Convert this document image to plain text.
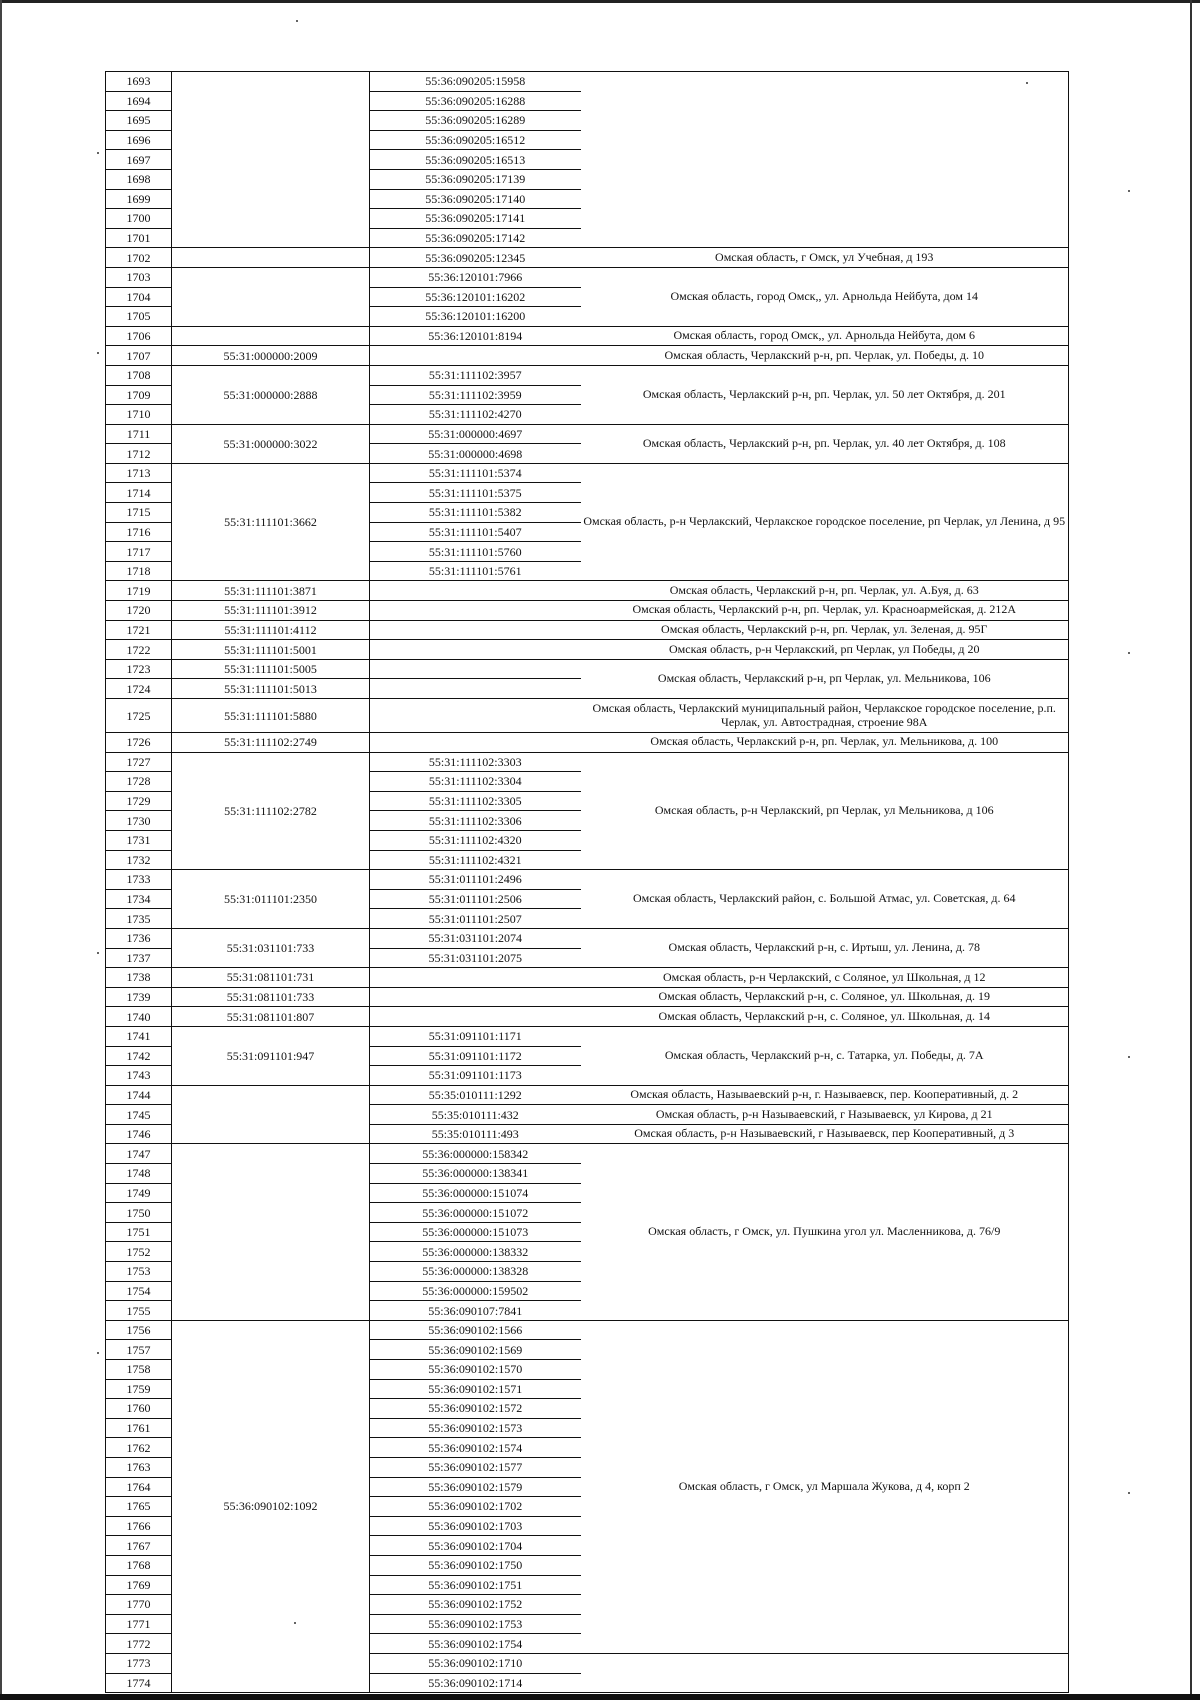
1693		55:36:090205:15958	
1694		55:36:090205:16288	
1695		55:36:090205:16289	
1696		55:36:090205:16512	
1697		55:36:090205:16513	
1698		55:36:090205:17139	
1699		55:36:090205:17140	
1700		55:36:090205:17141	
1701		55:36:090205:17142	
1702		55:36:090205:12345	Омская область, г Омск, ул Учебная, д 193
1703		55:36:120101:7966	Омская область, город Омск,, ул. Арнольда Нейбута, дом 14
1704		55:36:120101:16202	
1705		55:36:120101:16200	
1706		55:36:120101:8194	Омская область, город Омск,, ул. Арнольда Нейбута, дом 6
1707	55:31:000000:2009		Омская область, Черлакский р-н, рп. Черлак, ул. Победы, д. 10
1708	55:31:000000:2888	55:31:111102:3957	Омская область, Черлакский р-н, рп. Черлак, ул. 50 лет Октября, д. 201
1709		55:31:111102:3959	
1710		55:31:111102:4270	
1711	55:31:000000:3022	55:31:000000:4697	Омская область, Черлакский р-н, рп. Черлак, ул. 40 лет Октября, д. 108
1712		55:31:000000:4698	
1713	55:31:111101:3662	55:31:111101:5374	Омская область, р-н Черлакский, Черлакское городское поселение, рп Черлак, ул Ленина, д 95
1714		55:31:111101:5375	
1715		55:31:111101:5382	
1716		55:31:111101:5407	
1717		55:31:111101:5760	
1718		55:31:111101:5761	
1719	55:31:111101:3871		Омская область, Черлакский р-н, рп. Черлак, ул. А.Буя, д. 63
1720	55:31:111101:3912		Омская область, Черлакский р-н, рп. Черлак, ул. Красноармейская, д. 212А
1721	55:31:111101:4112		Омская область, Черлакский р-н, рп. Черлак, ул. Зеленая, д. 95Г
1722	55:31:111101:5001		Омская область, р-н Черлакский, рп Черлак, ул Победы, д 20
1723	55:31:111101:5005		Омская область, Черлакский р-н, рп Черлак, ул. Мельникова, 106
1724	55:31:111101:5013		
1725	55:31:111101:5880		Омская область, Черлакский муниципальный район, Черлакское городское поселение, р.п. Черлак, ул. Автострадная, строение 98А
1726	55:31:111102:2749		Омская область, Черлакский р-н, рп. Черлак, ул. Мельникова, д. 100
1727	55:31:111102:2782	55:31:111102:3303	Омская область, р-н Черлакский, рп Черлак, ул Мельникова, д 106
1728		55:31:111102:3304	
1729		55:31:111102:3305	
1730		55:31:111102:3306	
1731		55:31:111102:4320	
1732		55:31:111102:4321	
1733	55:31:011101:2350	55:31:011101:2496	Омская область, Черлакский район, с. Большой Атмас, ул. Советская, д. 64
1734		55:31:011101:2506	
1735		55:31:011101:2507	
1736	55:31:031101:733	55:31:031101:2074	Омская область, Черлакский р-н, с. Иртыш, ул. Ленина, д. 78
1737		55:31:031101:2075	
1738	55:31:081101:731		Омская область, р-н Черлакский, с Соляное, ул Школьная, д 12
1739	55:31:081101:733		Омская область, Черлакский р-н, с. Соляное, ул. Школьная, д. 19
1740	55:31:081101:807		Омская область, Черлакский р-н, с. Соляное, ул. Школьная, д. 14
1741	55:31:091101:947	55:31:091101:1171	Омская область, Черлакский р-н, с. Татарка, ул. Победы, д. 7А
1742		55:31:091101:1172	
1743		55:31:091101:1173	
1744		55:35:010111:1292	Омская область, Называевский р-н, г. Называевск, пер. Кооперативный, д. 2
1745		55:35:010111:432	Омская область, р-н Называевский, г Называевск, ул Кирова, д 21
1746		55:35:010111:493	Омская область, р-н Называевский, г Называевск, пер Кооперативный, д 3
1747		55:36:000000:158342	Омская область, г Омск, ул. Пушкина угол ул. Масленникова, д. 76/9
1748		55:36:000000:138341	
1749		55:36:000000:151074	
1750		55:36:000000:151072	
1751		55:36:000000:151073	
1752		55:36:000000:138332	
1753		55:36:000000:138328	
1754		55:36:000000:159502	
1755		55:36:090107:7841	
1756	55:36:090102:1092	55:36:090102:1566	Омская область, г Омск, ул Маршала Жукова, д 4, корп 2
1757		55:36:090102:1569	
1758		55:36:090102:1570	
1759		55:36:090102:1571	
1760		55:36:090102:1572	
1761		55:36:090102:1573	
1762		55:36:090102:1574	
1763		55:36:090102:1577	
1764		55:36:090102:1579	
1765		55:36:090102:1702	
1766		55:36:090102:1703	
1767		55:36:090102:1704	
1768		55:36:090102:1750	
1769		55:36:090102:1751	
1770		55:36:090102:1752	
1771		55:36:090102:1753	
1772		55:36:090102:1754	
1773		55:36:090102:1710	
1774		55:36:090102:1714	
